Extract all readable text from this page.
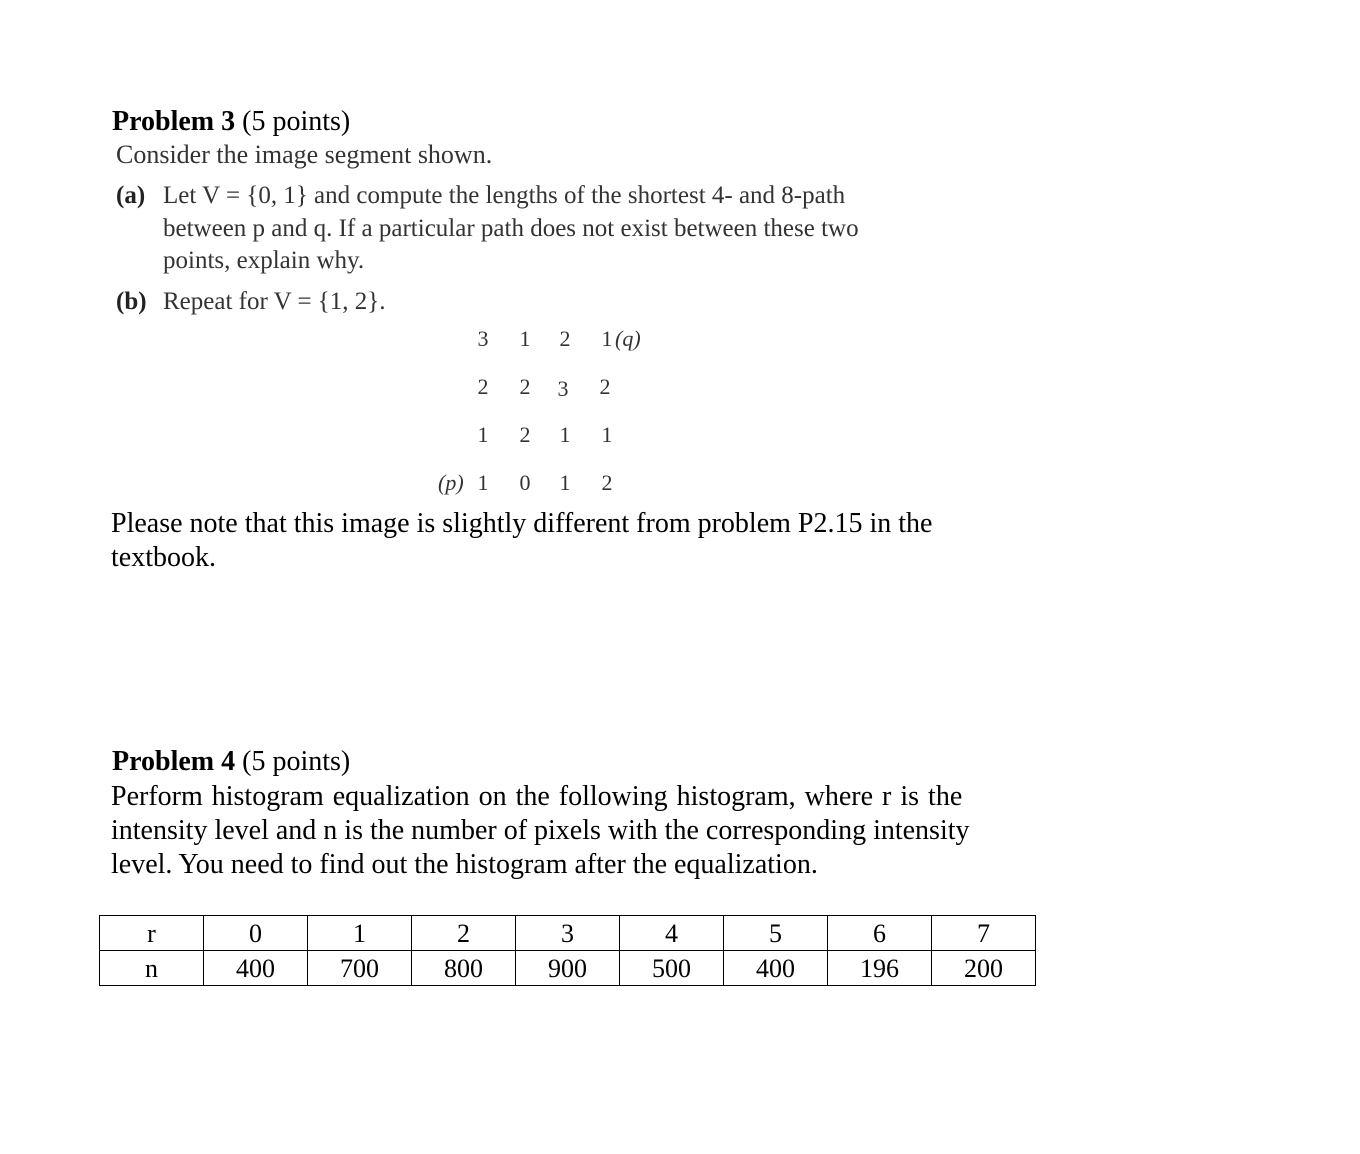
Problem 3 (5 points)
Consider the image segment shown.
(a) Let V = {0, 1} and compute the lengths of the shortest 4- and 8-path
between p and q. If a particular path does not exist between these two
points, explain why.
(b) Repeat for V = {1, 2}.
3	1	2	1 (q)
2	2	3	2
1	2	1	1
(p) 1	0	1	2
Please note that this image is slightly different from problem P2.15 in the
textbook.
Problem 4 (5 points)
Perform histogram equalization on the following histogram, where r is the
intensity level and n is the number of pixels with the corresponding intensity
level. You need to find out the histogram after the equalization.
r	0	1	2	3	4	5	6	7
n	400	700	800	900	500	400	196	200
